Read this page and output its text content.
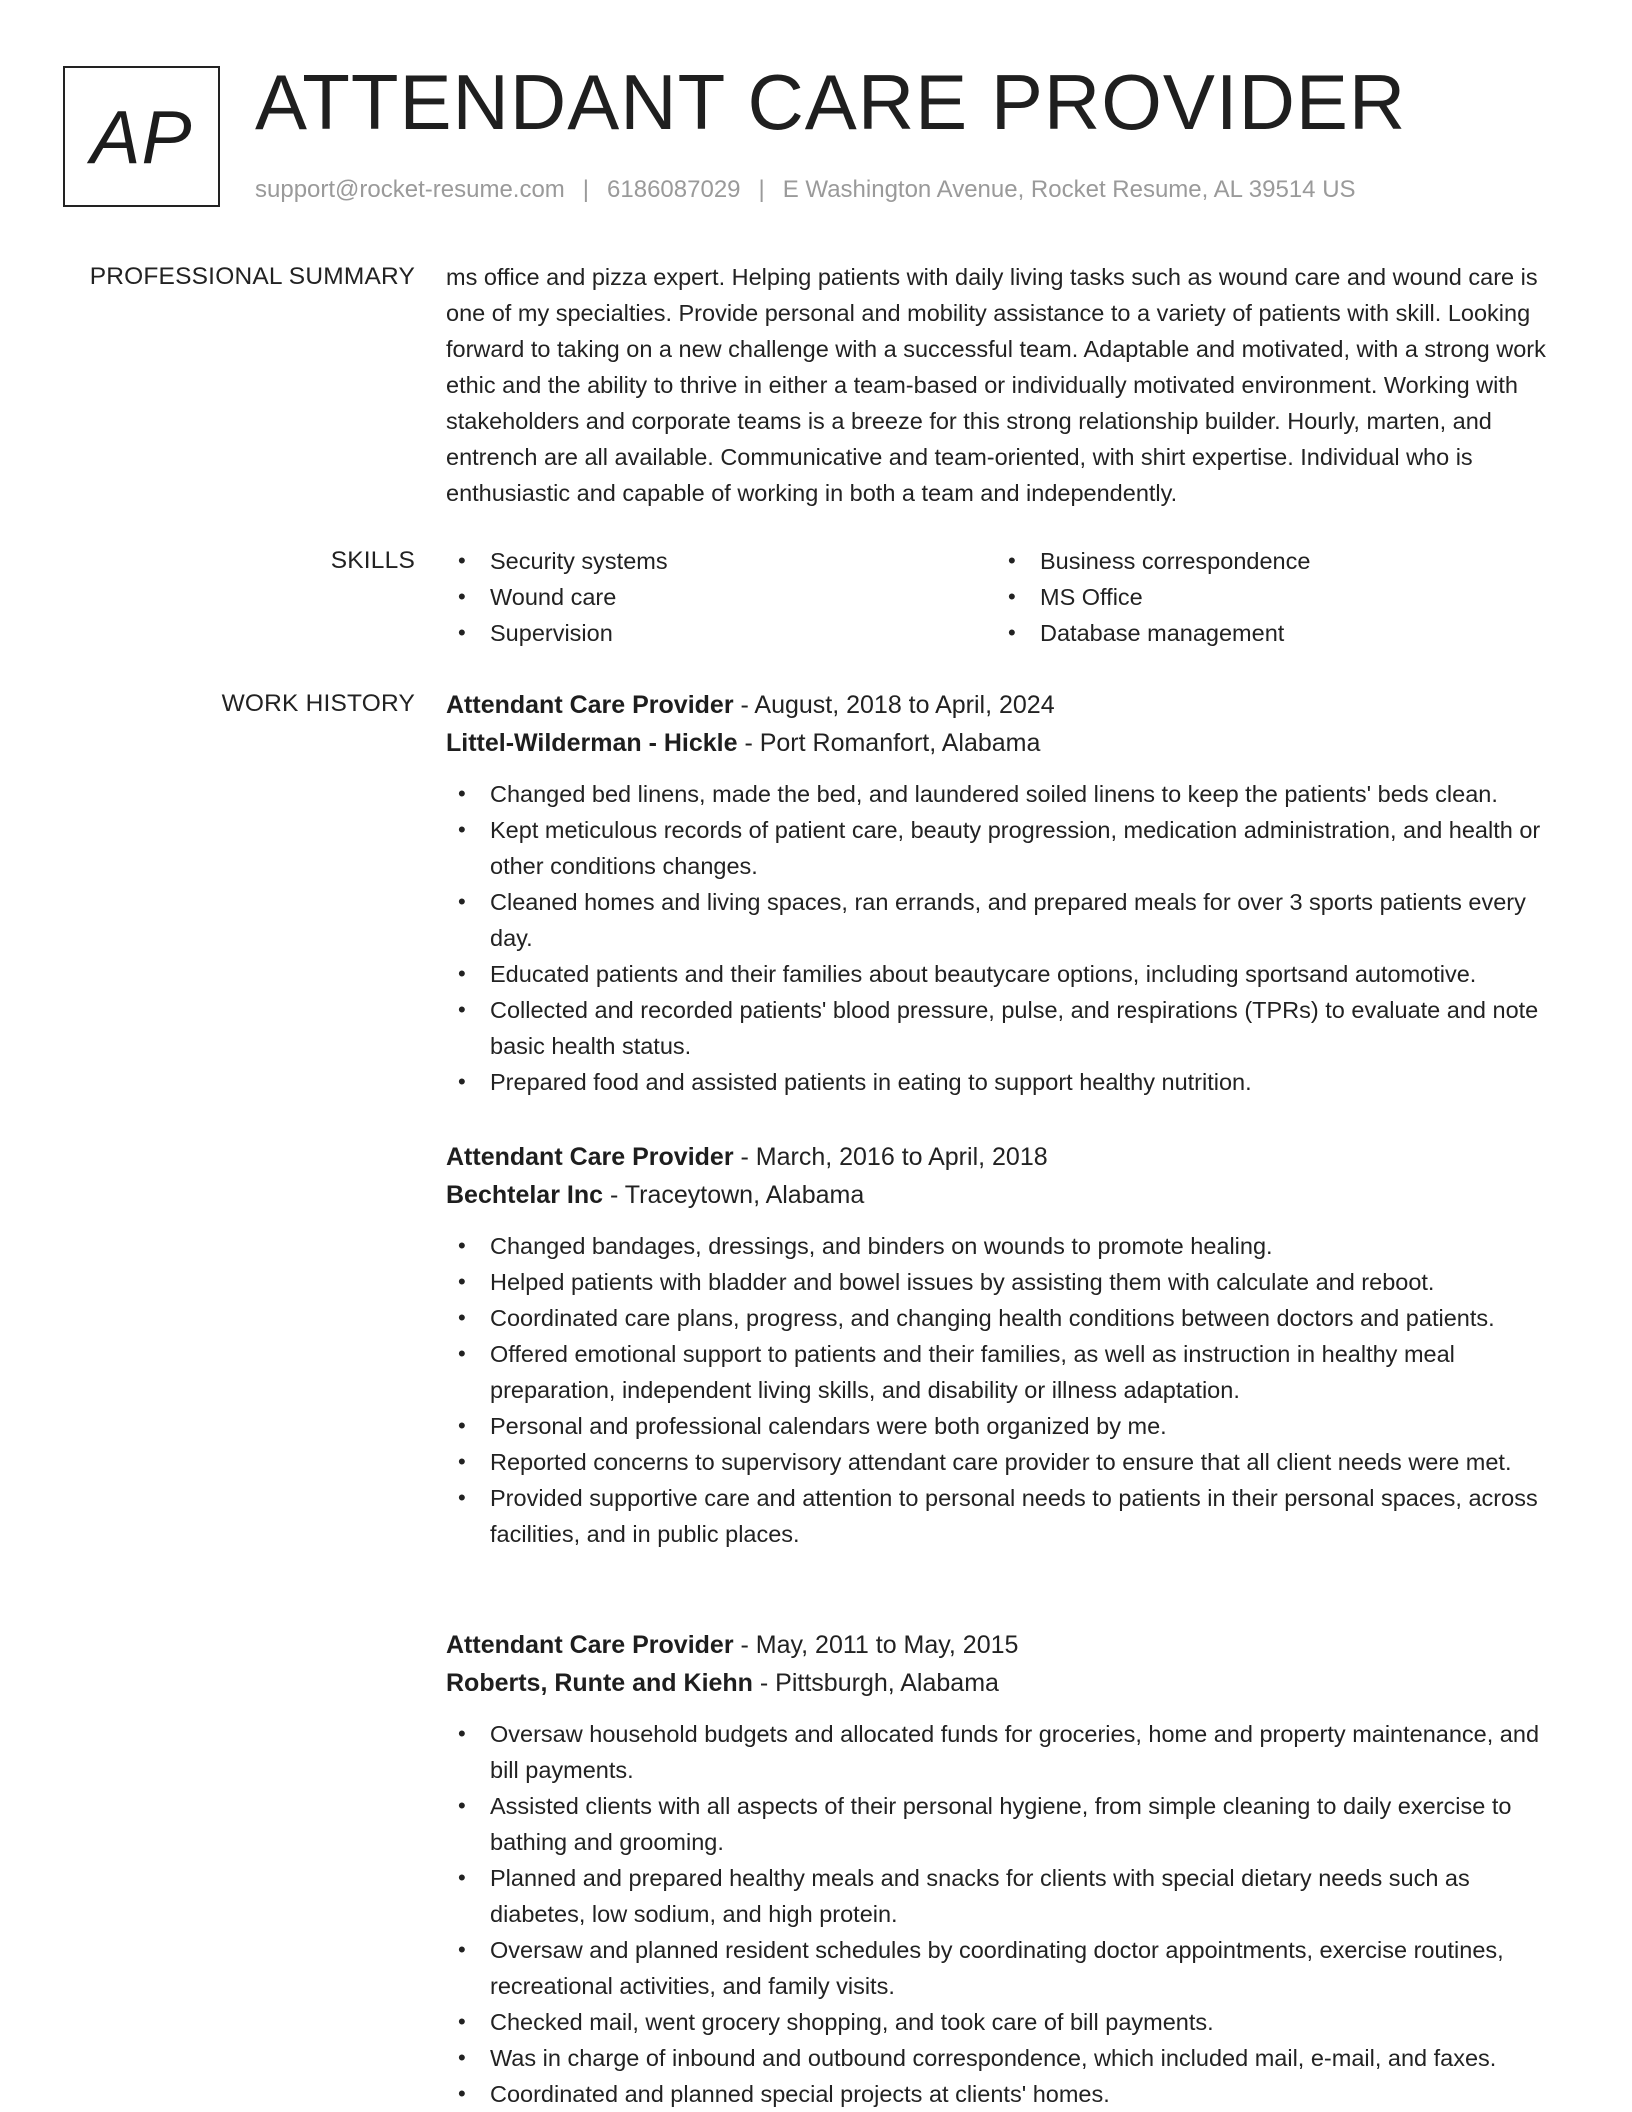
AP ATTENDANT CARE PROVIDER
support@rocket-resume.com | 6186087029 | E Washington Avenue, Rocket Resume, AL 39514 US
PROFESSIONAL SUMMARY ms office and pizza expert. Helping patients with daily living tasks such as wound care and wound care is one of my specialties. Provide personal and mobility assistance to a variety of patients with skill. Looking forward to taking on a new challenge with a successful team. Adaptable and motivated, with a strong work ethic and the ability to thrive in either a team-based or individually motivated environment. Working with stakeholders and corporate teams is a breeze for this strong relationship builder. Hourly, marten, and entrench are all available. Communicative and team-oriented, with shirt expertise. Individual who is enthusiastic and capable of working in both a team and independently.

SKILLS	• Security systems	• Business correspondence
• Wound care	• MS Office
• Supervision	• Database management
WORK HISTORY Attendant Care Provider - August, 2018 to April, 2024
Littel-Wilderman - Hickle - Port Romanfort, Alabama
• Changed bed linens, made the bed, and laundered soiled linens to keep the patients' beds clean.
• Kept meticulous records of patient care, beauty progression, medication administration, and health or other conditions changes.
• Cleaned homes and living spaces, ran errands, and prepared meals for over 3 sports patients every day.
• Educated patients and their families about beautycare options, including sportsand automotive.
• Collected and recorded patients' blood pressure, pulse, and respirations (TPRs) to evaluate and note basic health status.
• Prepared food and assisted patients in eating to support healthy nutrition.
Attendant Care Provider - March, 2016 to April, 2018
Bechtelar Inc - Traceytown, Alabama
• Changed bandages, dressings, and binders on wounds to promote healing.
• Helped patients with bladder and bowel issues by assisting them with calculate and reboot.
• Coordinated care plans, progress, and changing health conditions between doctors and patients.
• Offered emotional support to patients and their families, as well as instruction in healthy meal preparation, independent living skills, and disability or illness adaptation.
• Personal and professional calendars were both organized by me.
• Reported concerns to supervisory attendant care provider to ensure that all client needs were met.
• Provided supportive care and attention to personal needs to patients in their personal spaces, across facilities, and in public places.
Attendant Care Provider - May, 2011 to May, 2015
Roberts, Runte and Kiehn - Pittsburgh, Alabama
• Oversaw household budgets and allocated funds for groceries, home and property maintenance, and bill payments.
• Assisted clients with all aspects of their personal hygiene, from simple cleaning to daily exercise to bathing and grooming.
• Planned and prepared healthy meals and snacks for clients with special dietary needs such as diabetes, low sodium, and high protein.
• Oversaw and planned resident schedules by coordinating doctor appointments, exercise routines, recreational activities, and family visits.
• Checked mail, went grocery shopping, and took care of bill payments.
• Was in charge of inbound and outbound correspondence, which included mail, e-mail, and faxes.
• Coordinated and planned special projects at clients' homes.
